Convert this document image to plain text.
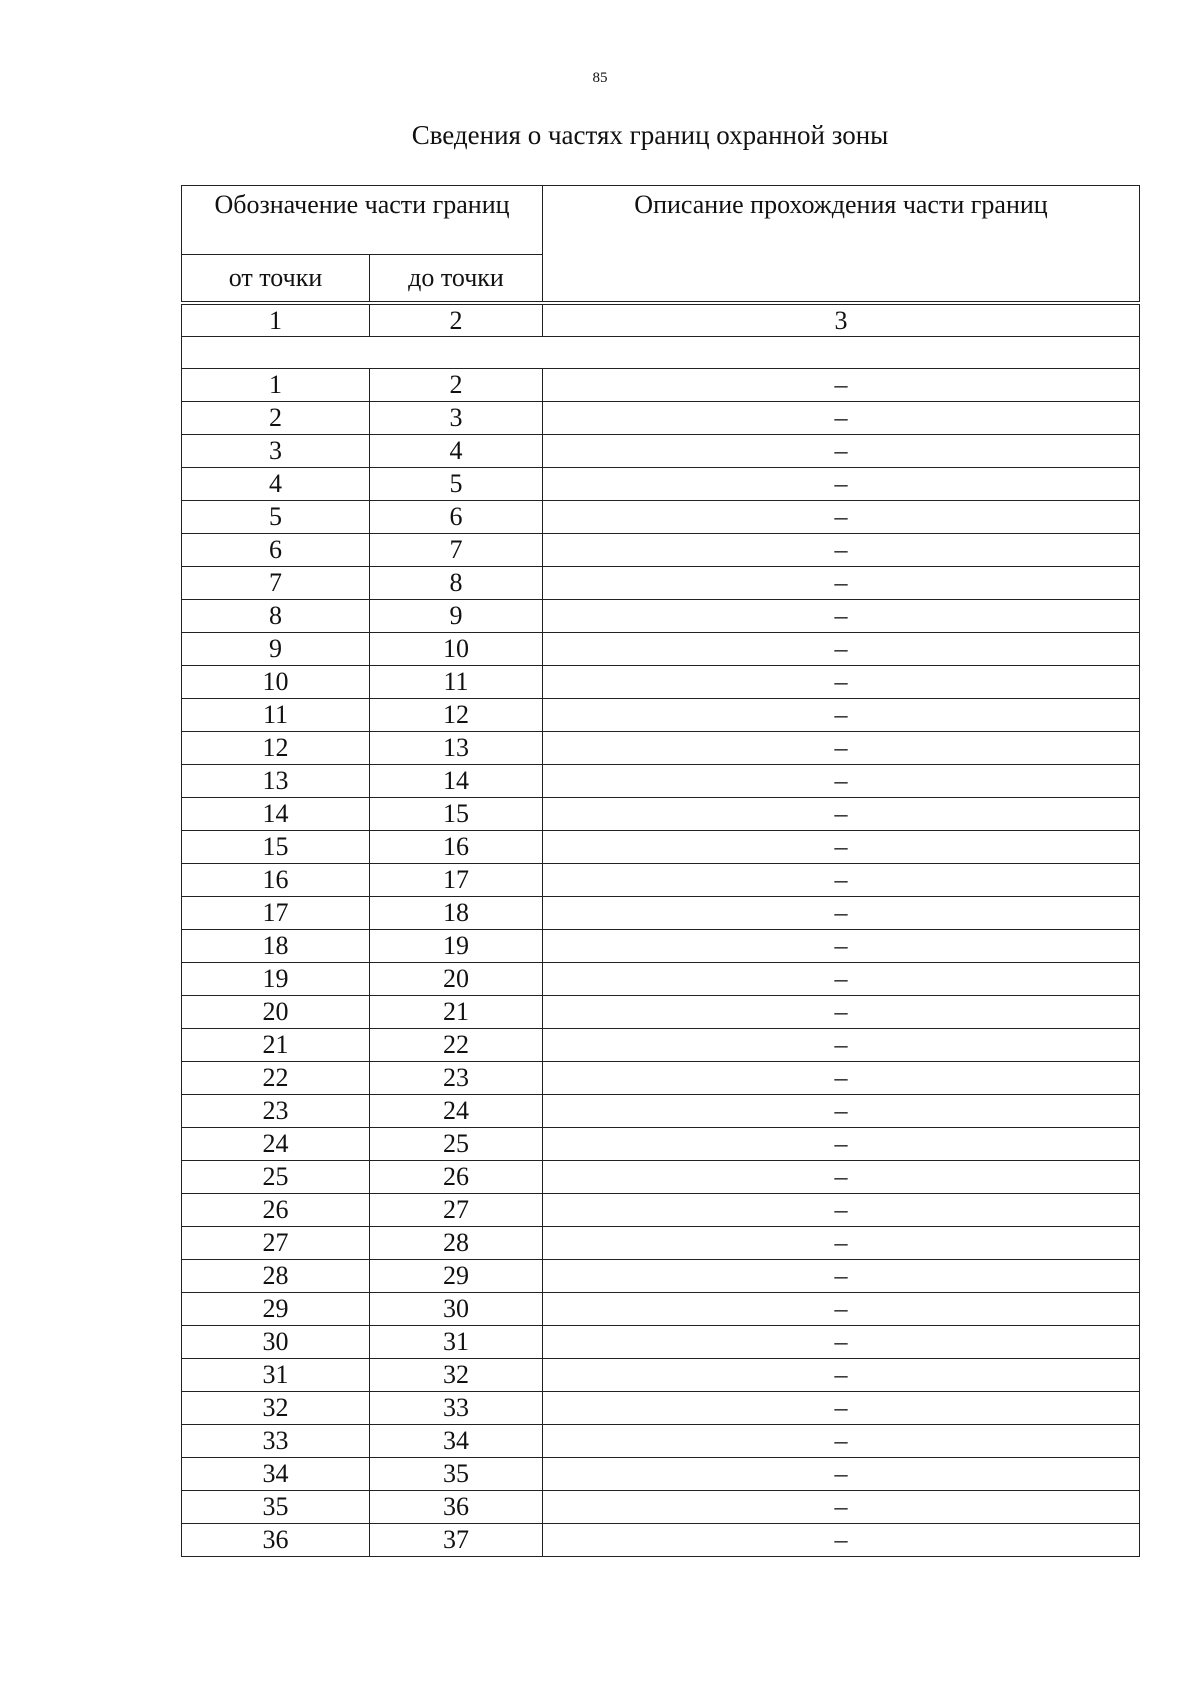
85
Сведения о частях границ охранной зоны
Обозначение части границ		Описание прохождения части границ

от точки	до точки	

1	2	3

1	2	–
2	3	–
3	4	–
4	5	–
5	6	–
6	7	–
7	8	–
8	9	–
9	10	–
10	11	–
11	12	–
12	13	–
13	14	–
14	15	–
15	16	–
16	17	–
17	18	–
18	19	–
19	20	–
20	21	–
21	22	–
22	23	–
23	24	–
24	25	–
25	26	–
26	27	–
27	28	–
28	29	–
29	30	–
30	31	–
31	32	–
32	33	–
33	34	–
34	35	–
35	36	–
36	37	–
